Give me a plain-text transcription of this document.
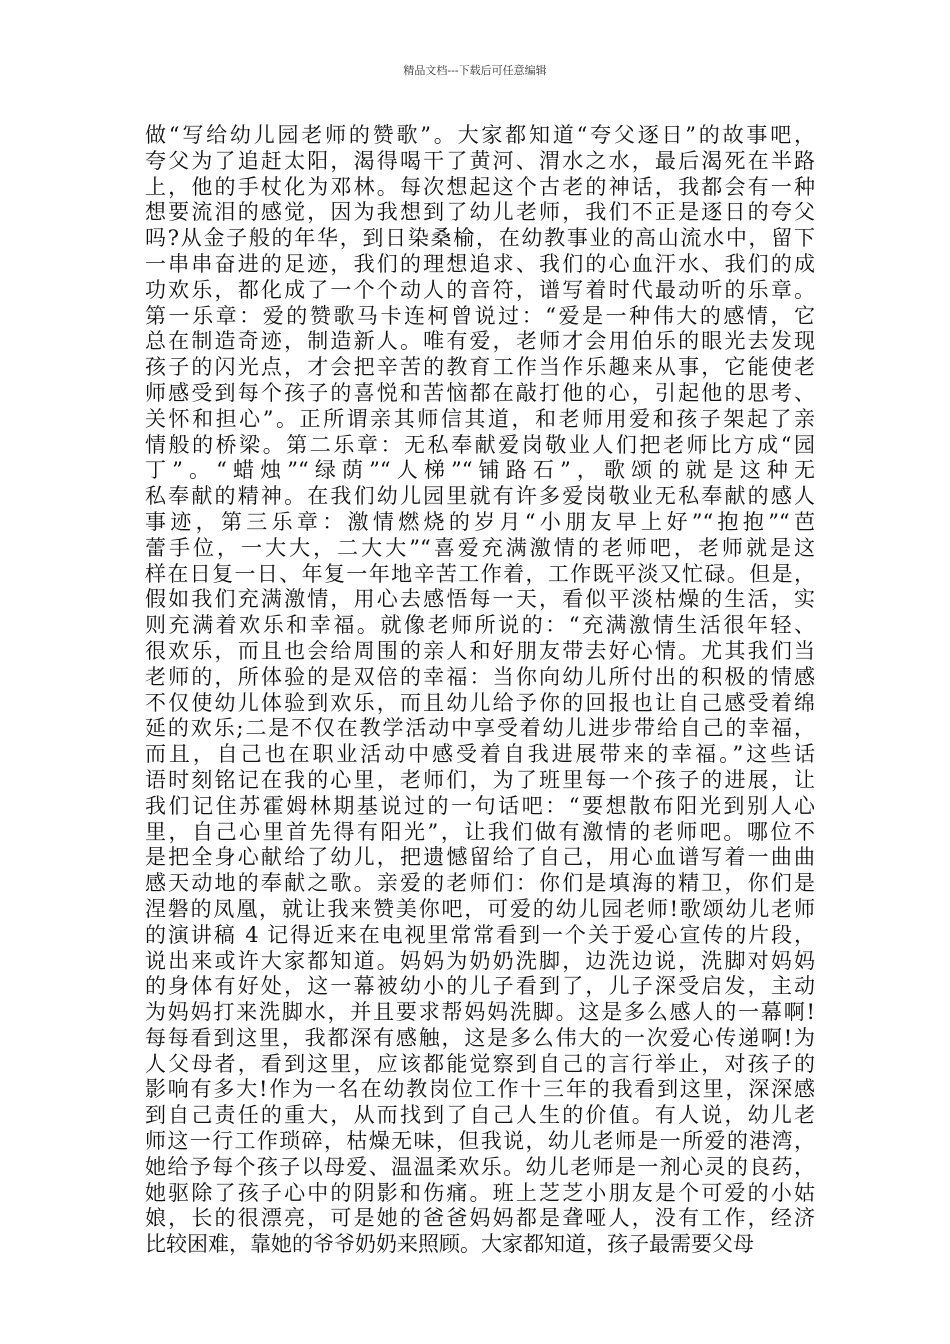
精品文档---下载后可任意编辑
做“写给幼儿园老师的赞歌”。大家都知道“夸父逐日”的故事吧，
夸父为了追赶太阳，渴得喝干了黄河、渭水之水，最后渴死在半路
上，他的手杖化为邓林。每次想起这个古老的神话，我都会有一种
想要流泪的感觉，因为我想到了幼儿老师，我们不正是逐日的夸父
吗?从金子般的年华，到日染桑榆，在幼教事业的高山流水中，留下
一串串奋进的足迹，我们的理想追求、我们的心血汗水、我们的成
功欢乐，都化成了一个个动人的音符，谱写着时代最动听的乐章。
第一乐章：爱的赞歌马卡连柯曾说过：“爱是一种伟大的感情，它
总在制造奇迹，制造新人。唯有爱，老师才会用伯乐的眼光去发现
孩子的闪光点，才会把辛苦的教育工作当作乐趣来从事，它能使老
师感受到每个孩子的喜悦和苦恼都在敲打他的心，引起他的思考、
关怀和担心”。正所谓亲其师信其道，和老师用爱和孩子架起了亲
情般的桥梁。第二乐章：无私奉献爱岗敬业人们把老师比方成“园
丁”。“蜡烛”“绿荫”“人梯”“铺路石”，歌颂的就是这种无
私奉献的精神。在我们幼儿园里就有许多爱岗敬业无私奉献的感人
事迹，第三乐章：激情燃烧的岁月“小朋友早上好”“抱抱”“芭
蕾手位，一大大，二大大”“喜爱充满激情的老师吧，老师就是这
样在日复一日、年复一年地辛苦工作着，工作既平淡又忙碌。但是，
假如我们充满激情，用心去感悟每一天，看似平淡枯燥的生活，实
则充满着欢乐和幸福。就像老师所说的：“充满激情生活很年轻、
很欢乐，而且也会给周围的亲人和好朋友带去好心情。尤其我们当
老师的，所体验的是双倍的幸福：当你向幼儿所付出的积极的情感
不仅使幼儿体验到欢乐，而且幼儿给予你的回报也让自己感受着绵
延的欢乐;二是不仅在教学活动中享受着幼儿进步带给自己的幸福，
而且，自己也在职业活动中感受着自我进展带来的幸福。”这些话
语时刻铭记在我的心里，老师们，为了班里每一个孩子的进展，让
我们记住苏霍姆林期基说过的一句话吧：“要想散布阳光到别人心
里，自己心里首先得有阳光”，让我们做有激情的老师吧。哪位不
是把全身心献给了幼儿，把遗憾留给了自己，用心血谱写着一曲曲
感天动地的奉献之歌。亲爱的老师们：你们是填海的精卫，你们是
涅磐的凤凰，就让我来赞美你吧，可爱的幼儿园老师!歌颂幼儿老师
的演讲稿 4 记得近来在电视里常常看到一个关于爱心宣传的片段，
说出来或许大家都知道。妈妈为奶奶洗脚，边洗边说，洗脚对妈妈
的身体有好处，这一幕被幼小的儿子看到了，儿子深受启发，主动
为妈妈打来洗脚水，并且要求帮妈妈洗脚。这是多么感人的一幕啊!
每每看到这里，我都深有感触，这是多么伟大的一次爱心传递啊!为
人父母者，看到这里，应该都能觉察到自己的言行举止，对孩子的
影响有多大!作为一名在幼教岗位工作十三年的我看到这里，深深感
到自己责任的重大，从而找到了自己人生的价值。有人说，幼儿老
师这一行工作琐碎，枯燥无味，但我说，幼儿老师是一所爱的港湾，
她给予每个孩子以母爱、温温柔欢乐。幼儿老师是一剂心灵的良药，
她驱除了孩子心中的阴影和伤痛。班上芝芝小朋友是个可爱的小姑
娘，长的很漂亮，可是她的爸爸妈妈都是聋哑人，没有工作，经济
比较困难，靠她的爷爷奶奶来照顾。大家都知道，孩子最需要父母
